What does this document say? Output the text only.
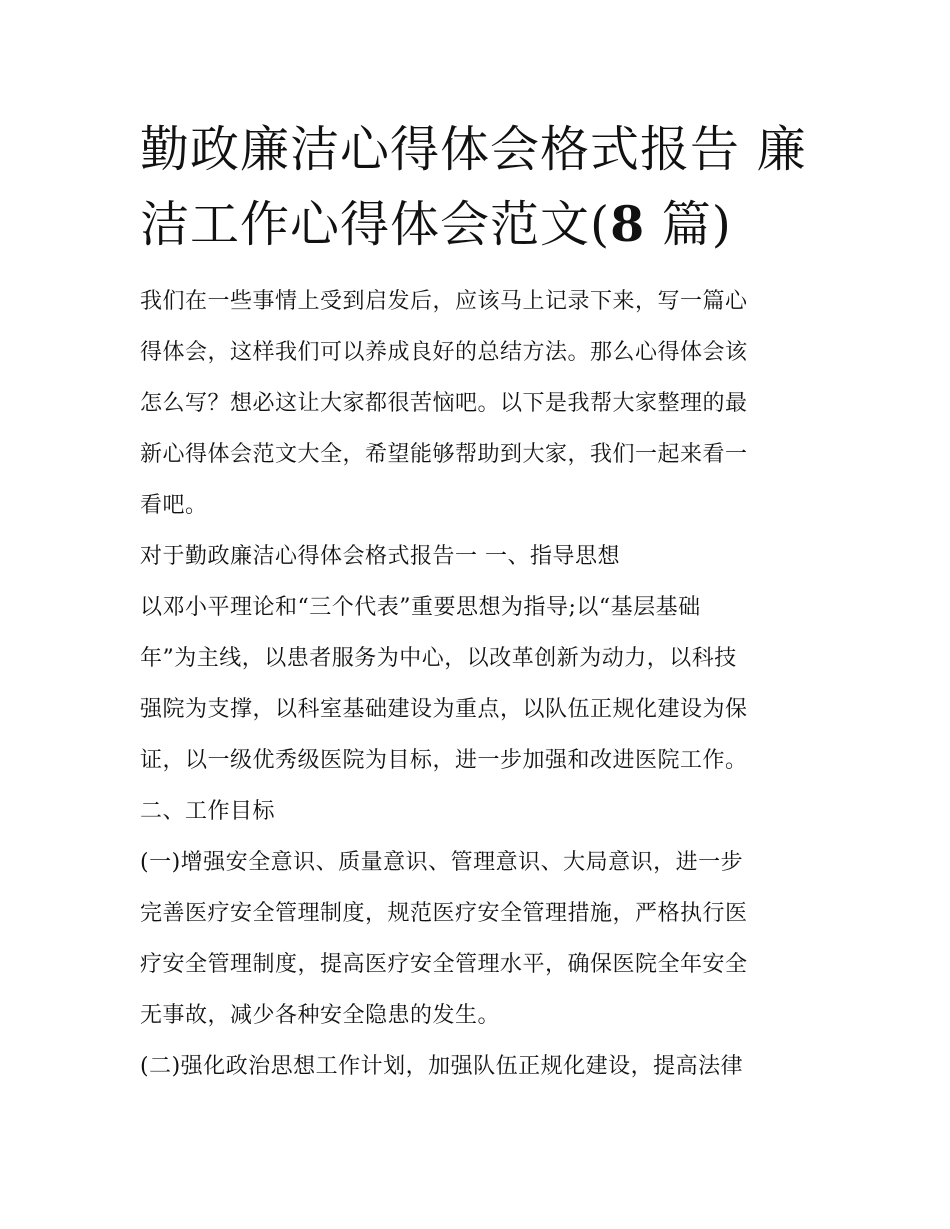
勤政廉洁心得体会格式报告 廉洁工作心得体会范文(8 篇)
我们在一些事情上受到启发后，应该马上记录下来，写一篇心
得体会，这样我们可以养成良好的总结方法。那么心得体会该
怎么写？想必这让大家都很苦恼吧。以下是我帮大家整理的最
新心得体会范文大全，希望能够帮助到大家，我们一起来看一
看吧。
对于勤政廉洁心得体会格式报告一 一、指导思想
以邓小平理论和“三个代表”重要思想为指导;以“基层基础
年”为主线，以患者服务为中心，以改革创新为动力，以科技
强院为支撑，以科室基础建设为重点，以队伍正规化建设为保
证，以一级优秀级医院为目标，进一步加强和改进医院工作。
二、工作目标
(一)增强安全意识、质量意识、管理意识、大局意识，进一步
完善医疗安全管理制度，规范医疗安全管理措施，严格执行医
疗安全管理制度，提高医疗安全管理水平，确保医院全年安全
无事故，减少各种安全隐患的发生。
(二)强化政治思想工作计划，加强队伍正规化建设，提高法律
